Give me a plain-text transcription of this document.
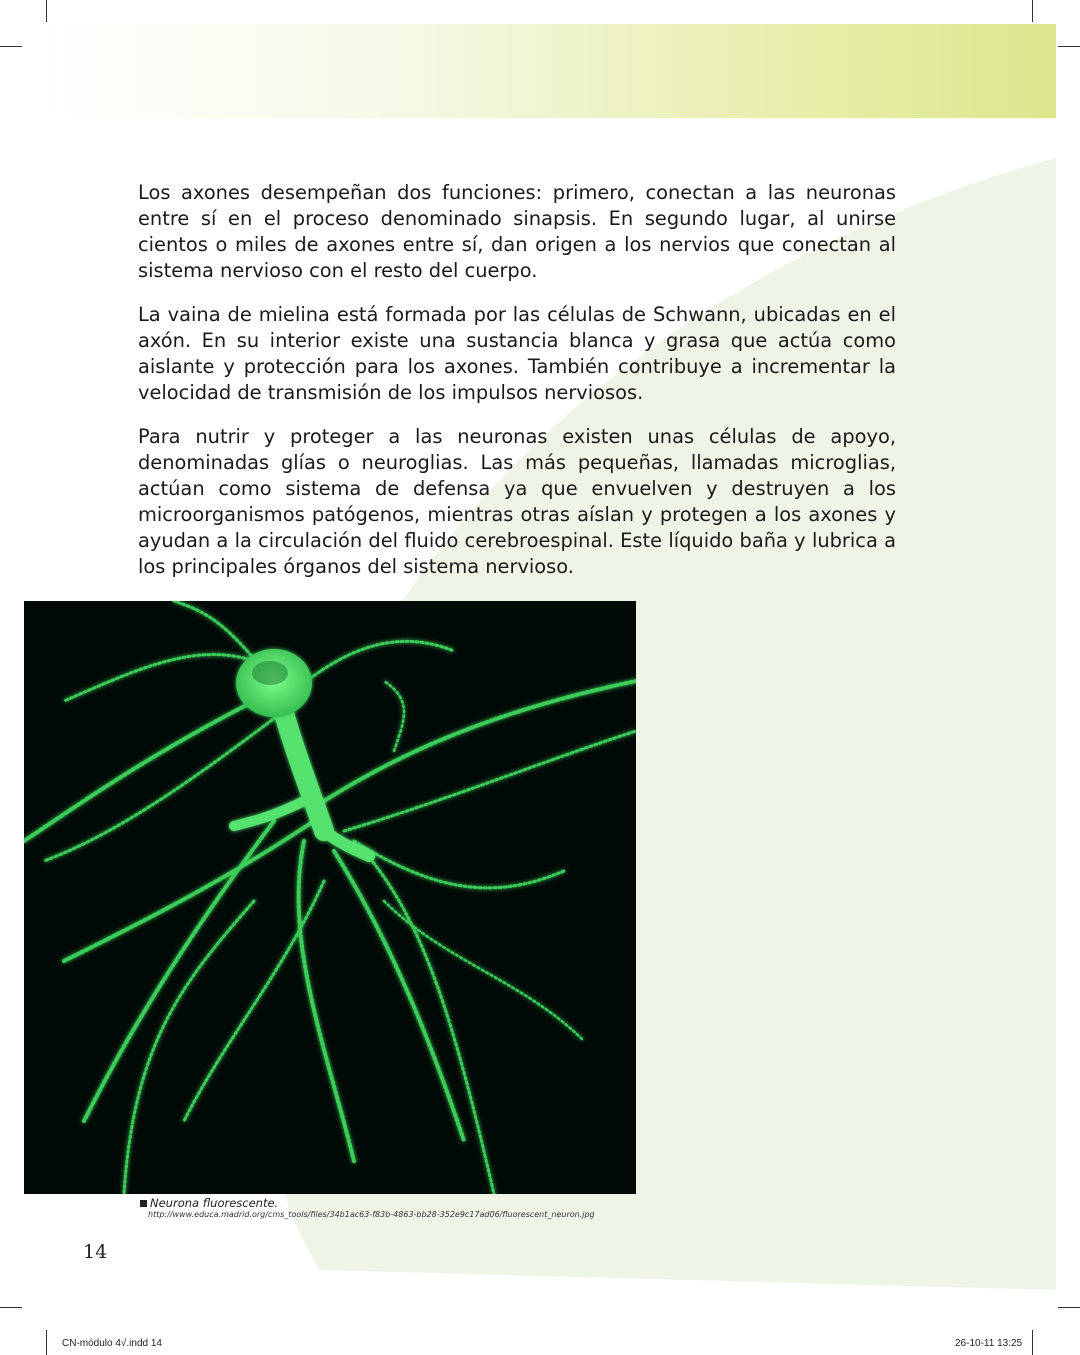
Los axones desempeñan dos funciones: primero, conectan a las neuronas entre sí en el proceso denominado sinapsis. En segundo lugar, al unirse cientos o miles de axones entre sí, dan origen a los nervios que conectan al sistema nervioso con el resto del cuerpo.

La vaina de mielina está formada por las células de Schwann, ubicadas en el axón. En su interior existe una sustancia blanca y grasa que actúa como aislante y protección para los axones. También contribuye a incrementar la velocidad de transmisión de los impulsos nerviosos.

Para nutrir y proteger a las neuronas existen unas células de apoyo, denominadas glías o neuroglias. Las más pequeñas, llamadas microglias, actúan como sistema de defensa ya que envuelven y destruyen a los microorganismos patógenos, mientras otras aíslan y protegen a los axones y ayudan a la circulación del fluido cerebroespinal. Este líquido baña y lubrica a los principales órganos del sistema nervioso.

Neurona fluorescente.
http://www.educa.madrid.org/cms_tools/files/34b1ac63-f83b-4863-bb28-352e9c17ad06/fluorescent_neuron.jpg
14
CN-módulo 4√.indd 14	26-10-11 13:25
